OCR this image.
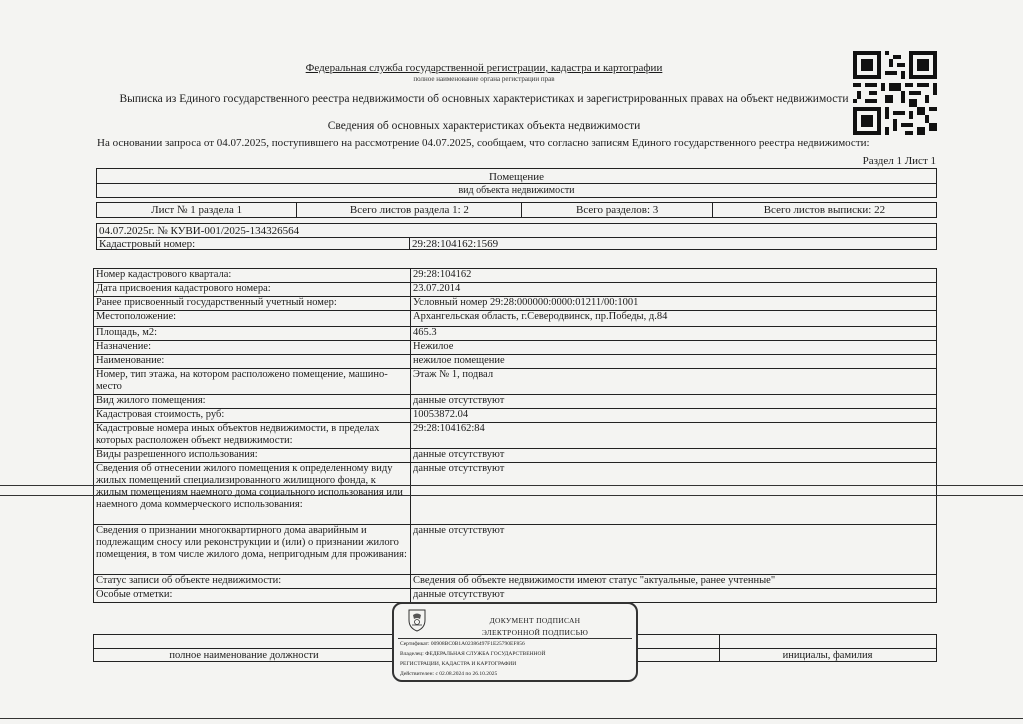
Федеральная служба государственной регистрации, кадастра и картографии
полное наименование органа регистрации прав
Выписка из Единого государственного реестра недвижимости об основных характеристиках и зарегистрированных правах на объект недвижимости
Сведения об основных характеристиках объекта недвижимости
На основании запроса от 04.07.2025, поступившего на рассмотрение 04.07.2025, сообщаем, что согласно записям Единого государственного реестра недвижимости:
Раздел 1 Лист 1
Помещение
вид объекта недвижимости
Лист № 1 раздела 1	Всего листов раздела 1: 2	Всего разделов: 3	Всего листов выписки: 22
04.07.2025г. № КУВИ-001/2025-134326564
Кадастровый номер:	29:28:104162:1569
Номер кадастрового квартала:	29:28:104162
Дата присвоения кадастрового номера:	23.07.2014
Ранее присвоенный государственный учетный номер:	Условный номер 29:28:000000:0000:01211/00:1001
Местоположение:	Архангельская область, г.Северодвинск, пр.Победы, д.84
Площадь, м2:	465.3
Назначение:	Нежилое
Наименование:	нежилое помещение
Номер, тип этажа, на котором расположено помещение, машино-место	Этаж № 1, подвал
Вид жилого помещения:	данные отсутствуют
Кадастровая стоимость, руб:	10053872.04
Кадастровые номера иных объектов недвижимости, в пределах которых расположен объект недвижимости:	29:28:104162:84
Виды разрешенного использования:	данные отсутствуют
Сведения об отнесении жилого помещения к определенному виду жилых помещений специализированного жилищного фонда, к жилым помещениям наемного дома социального использования или наемного дома коммерческого использования:	данные отсутствуют
Сведения о признании многоквартирного дома аварийным и подлежащим сносу или реконструкции и (или) о признании жилого помещения, в том числе жилого дома, непригодным для проживания:	данные отсутствуют
Статус записи об объекте недвижимости:	Сведения об объекте недвижимости имеют статус "актуальные, ранее учтенные"
Особые отметки:	данные отсутствуют
полное наименование должности	инициалы, фамилия
ДОКУМЕНТ ПОДПИСАН
ЭЛЕКТРОННОЙ ПОДПИСЬЮ
Сертификат: 00908BC0B1A02386497F1E25790EF856
Владелец: ФЕДЕРАЛЬНАЯ СЛУЖБА ГОСУДАРСТВЕННОЙ
РЕГИСТРАЦИИ, КАДАСТРА И КАРТОГРАФИИ
Действителен: с 02.08.2024 по 26.10.2025
